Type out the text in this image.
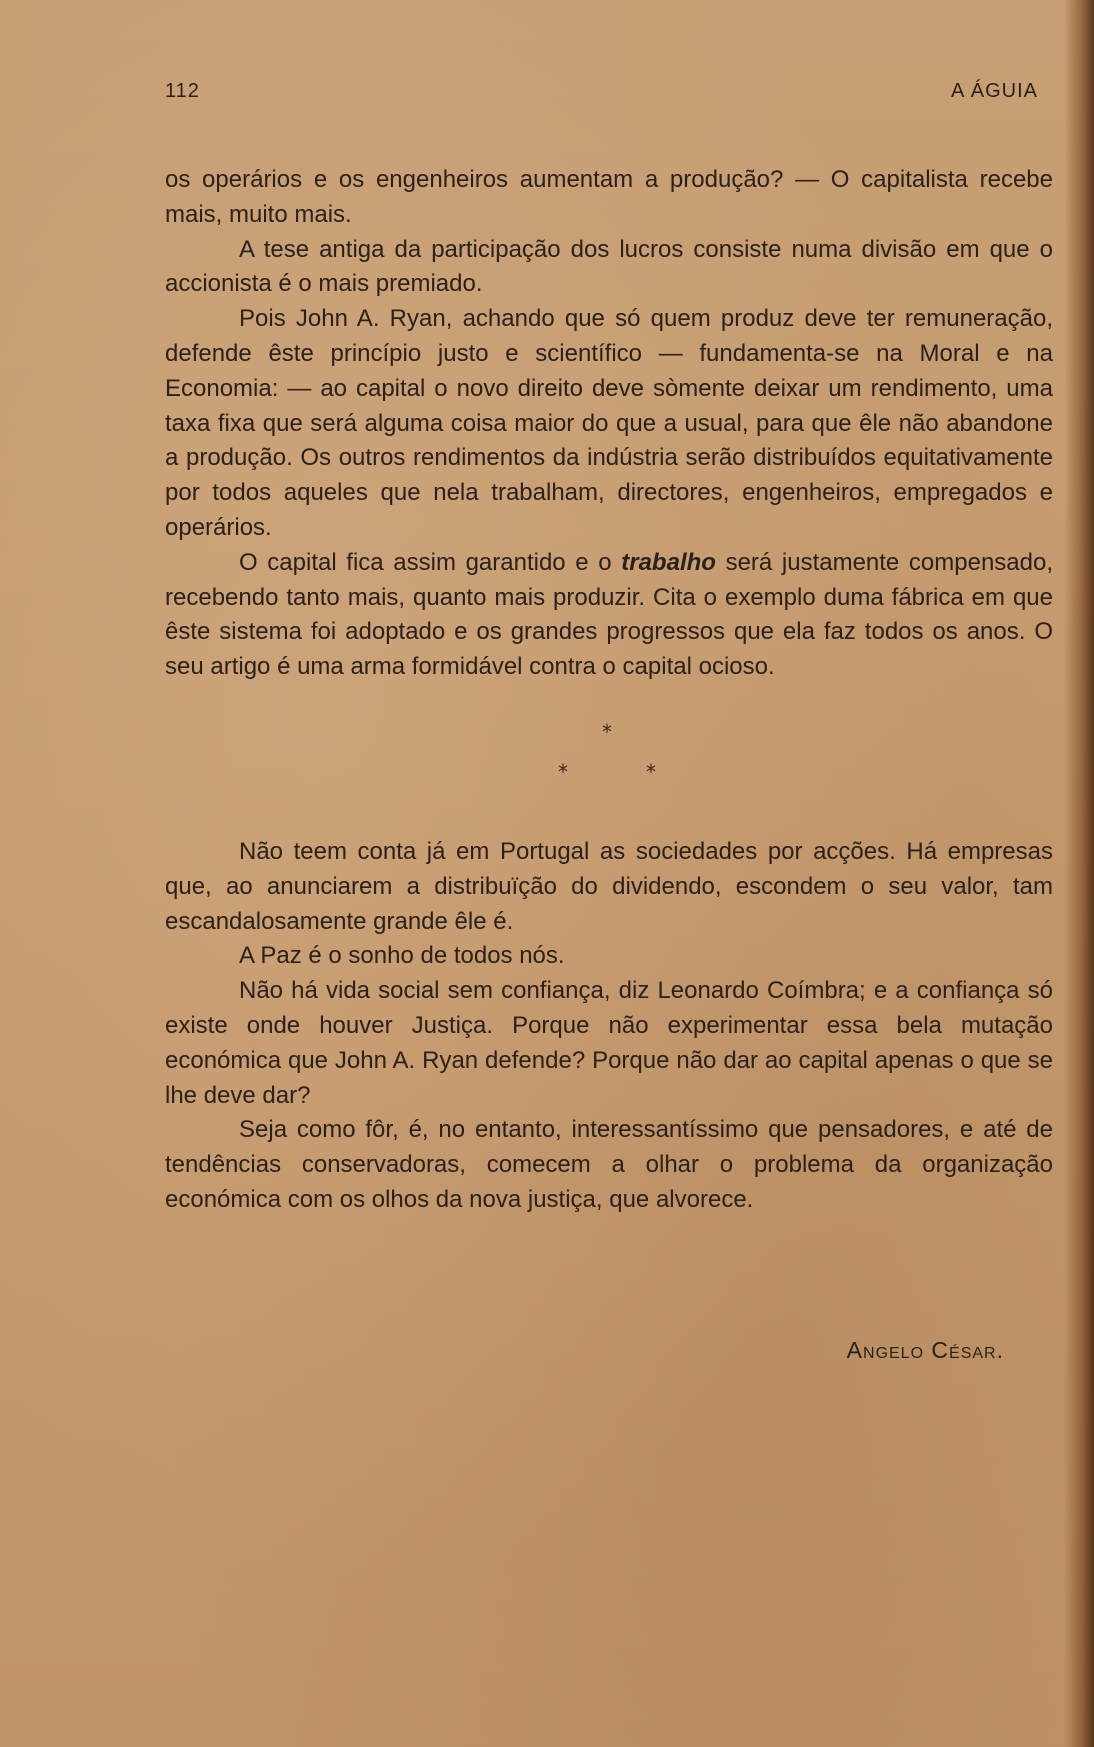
112	A ÁGUIA

os operários e os engenheiros aumentam a produção? — O capitalista recebe mais, muito mais.

A tese antiga da participação dos lucros consiste numa divisão em que o accionista é o mais premiado.

Pois John A. Ryan, achando que só quem produz deve ter remuneração, defende êste princípio justo e scientífico — fundamenta-se na Moral e na Economia: — ao capital o novo direito deve sòmente deixar um rendimento, uma taxa fixa que será alguma coisa maior do que a usual, para que êle não abandone a produção. Os outros rendimentos da indústria serão distribuídos equitativamente por todos aqueles que nela trabalham, directores, engenheiros, empregados e operários.

O capital fica assim garantido e o trabalho será justamente compensado, recebendo tanto mais, quanto mais produzir. Cita o exemplo duma fábrica em que êste sistema foi adoptado e os grandes progressos que ela faz todos os anos. O seu artigo é uma arma formidável contra o capital ocioso.

*
*	*

Não teem conta já em Portugal as sociedades por acções. Há empresas que, ao anunciarem a distribuïção do dividendo, escondem o seu valor, tam escandalosamente grande êle é.

A Paz é o sonho de todos nós.

Não há vida social sem confiança, diz Leonardo Coímbra; e a confiança só existe onde houver Justiça. Porque não experimentar essa bela mutação económica que John A. Ryan defende? Porque não dar ao capital apenas o que se lhe deve dar?

Seja como fôr, é, no entanto, interessantíssimo que pensadores, e até de tendências conservadoras, comecem a olhar o problema da organização económica com os olhos da nova justiça, que alvorece.

Angelo César.
